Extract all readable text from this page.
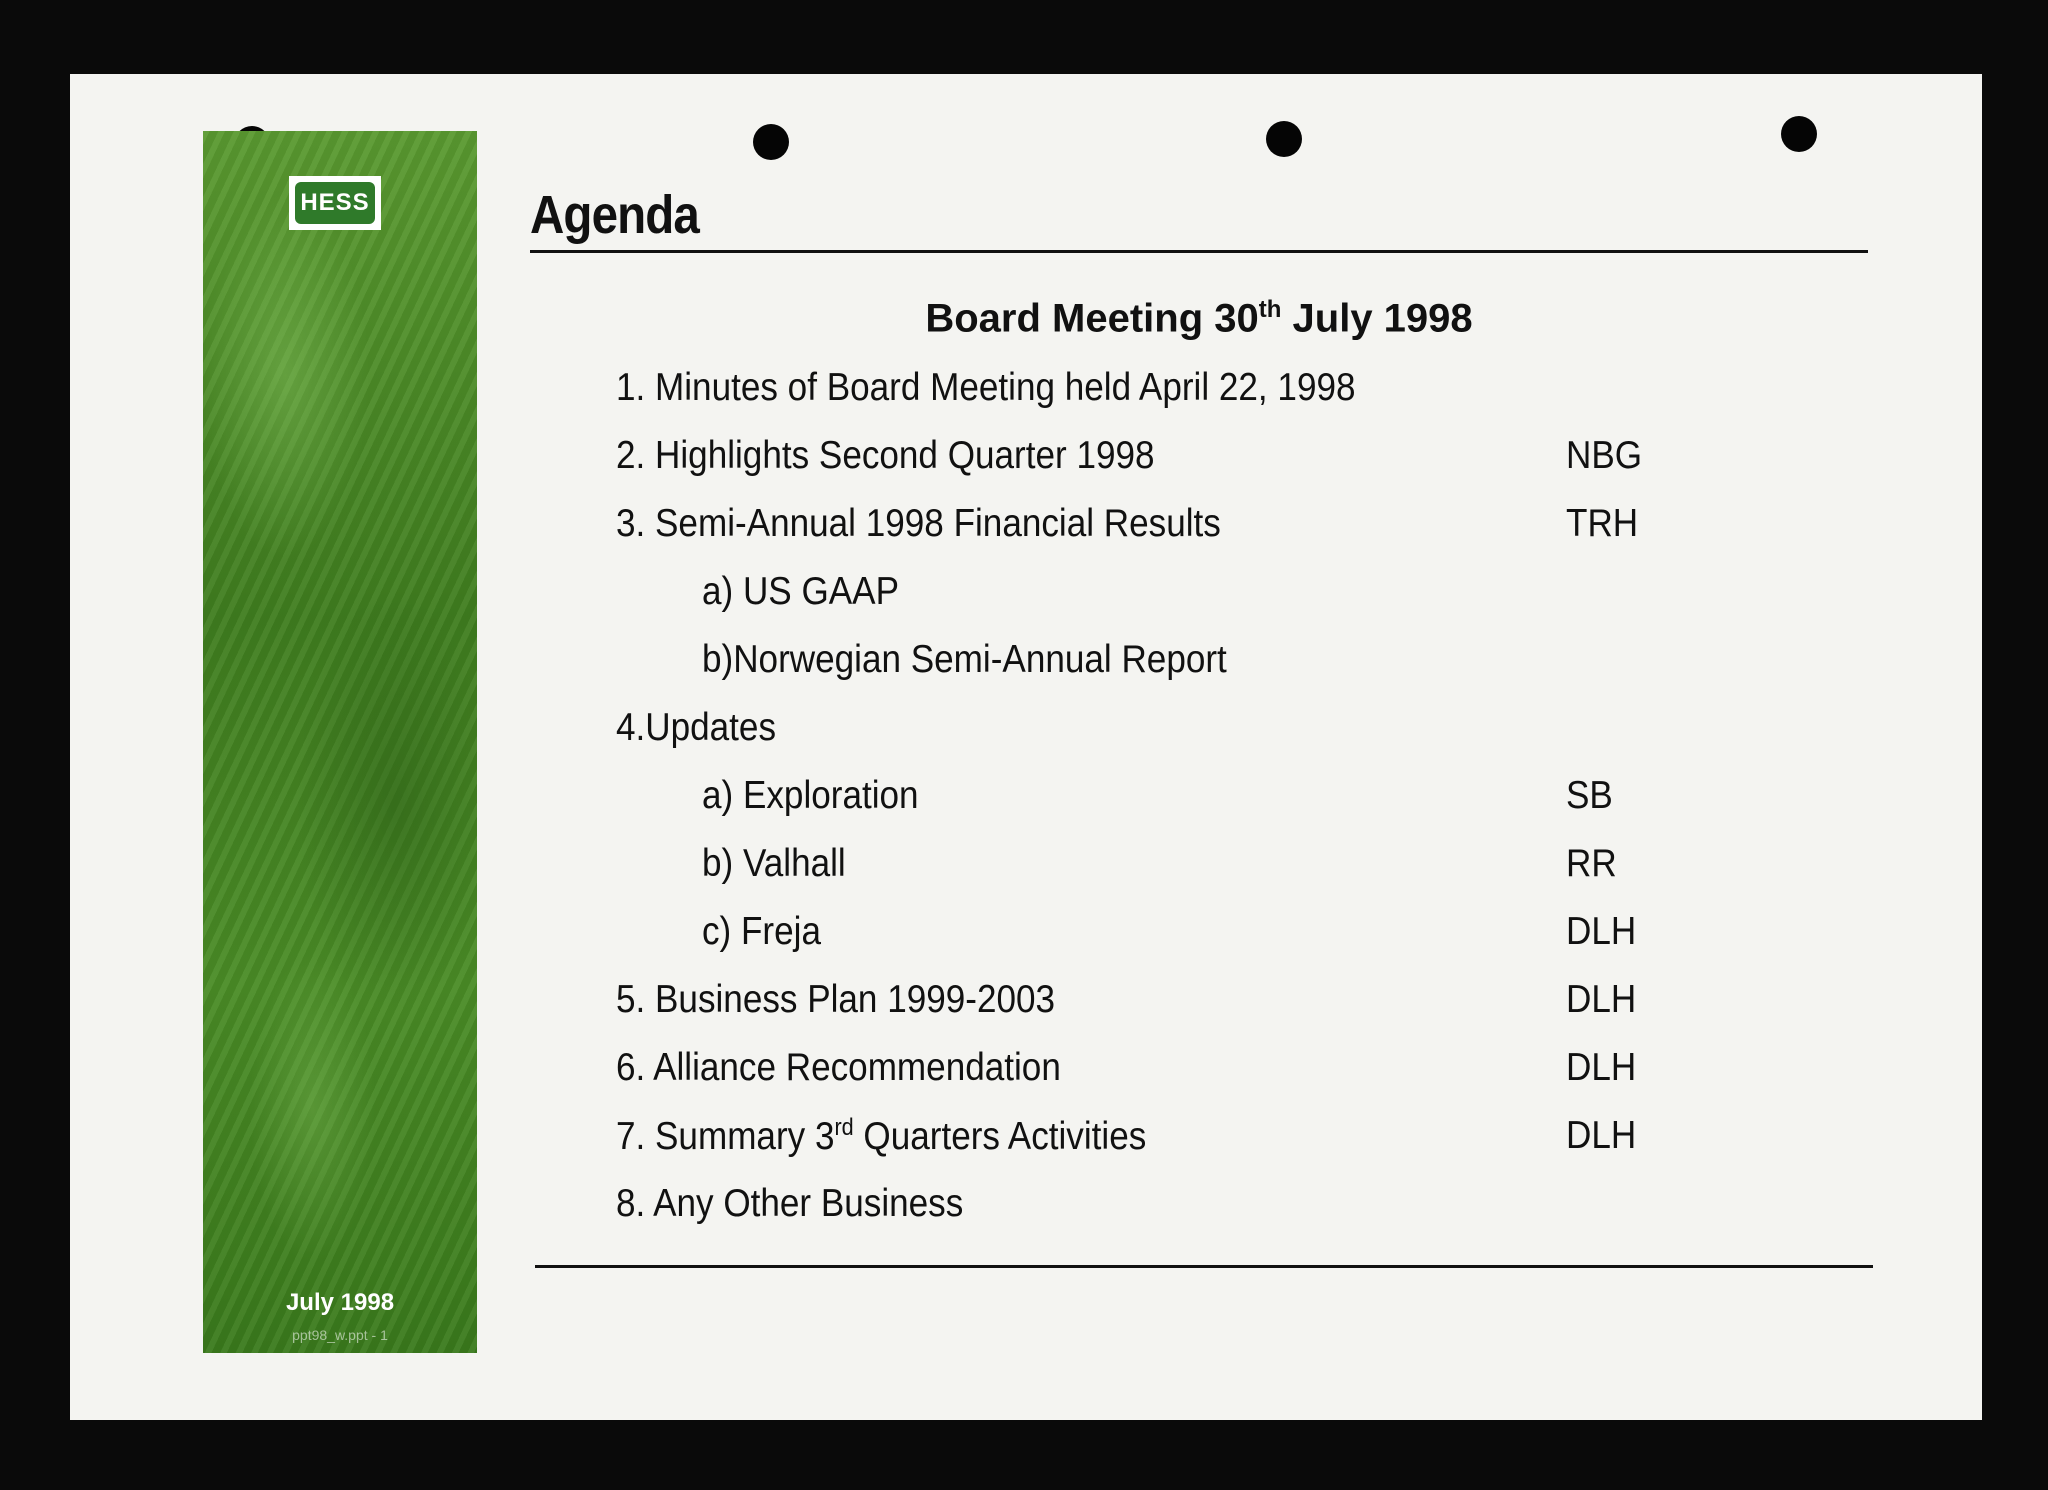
HESS
July 1998
ppt98_w.ppt - 1
Agenda
Board Meeting 30th July 1998
1. Minutes of Board Meeting held April 22, 1998
2. Highlights Second Quarter 1998	NBG
3. Semi-Annual 1998 Financial Results	TRH
a) US GAAP
b)Norwegian Semi-Annual Report
4.Updates
a) Exploration	SB
b) Valhall	RR
c) Freja	DLH
5. Business Plan 1999-2003	DLH
6. Alliance Recommendation	DLH
7. Summary 3rd Quarters Activities	DLH
8. Any Other Business
